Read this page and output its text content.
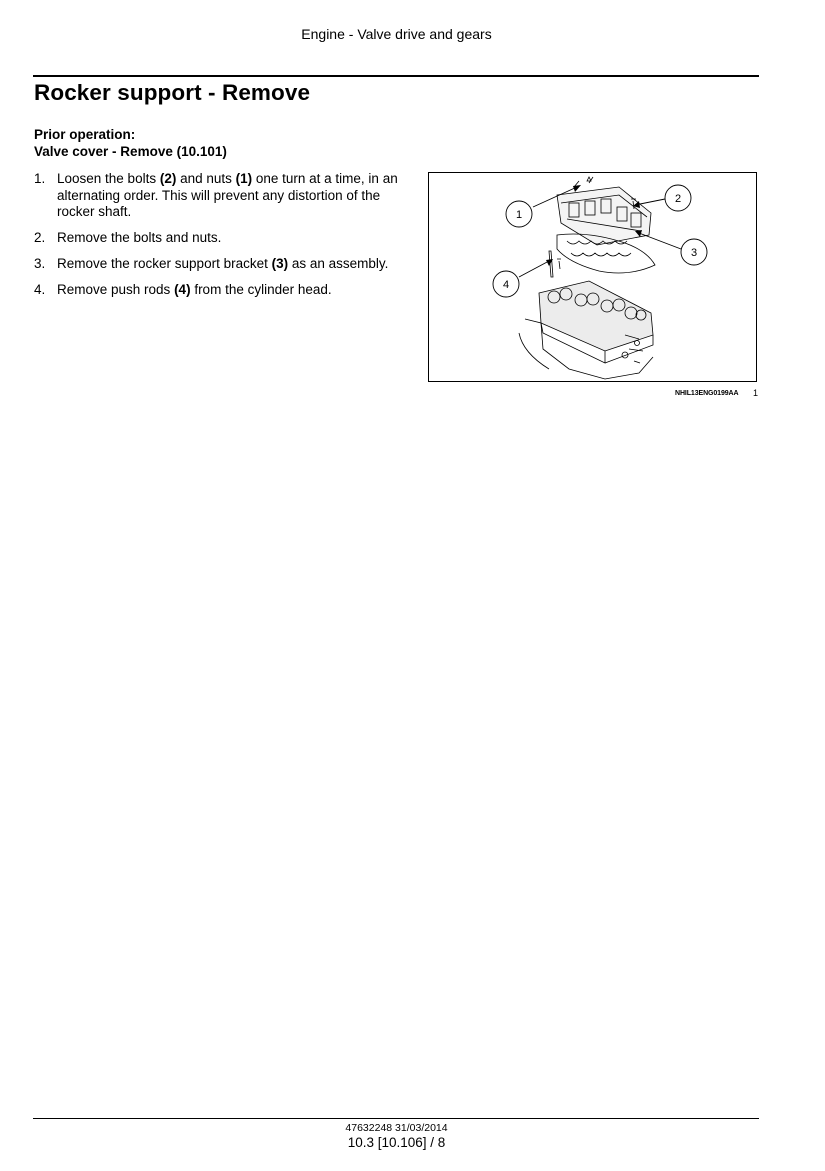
Engine - Valve drive and gears
Rocker support - Remove
Prior operation:
Valve cover - Remove (10.101)
1. Loosen the bolts (2) and nuts (1) one turn at a time, in an alternating order. This will prevent any distortion of the rocker shaft.
2. Remove the bolts and nuts.
3. Remove the rocker support bracket (3) as an assembly.
4. Remove push rods (4) from the cylinder head.
1
2
3
4
NHIL13ENG0199AA 1
47632248 31/03/2014
10.3 [10.106] / 8
